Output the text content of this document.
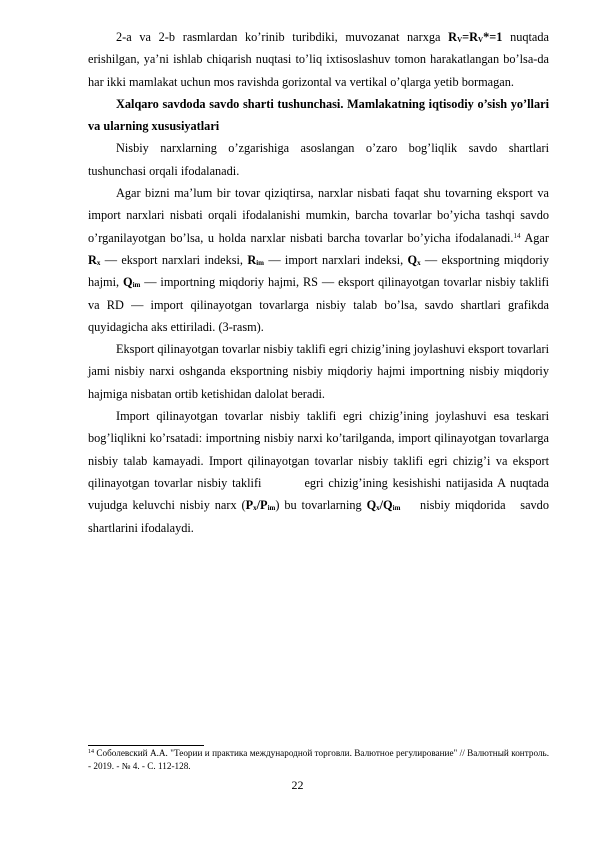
2-a va 2-b rasmlardan ko’rinib turibdiki, muvozanat narxga $R_V=R_V*=1$ nuqtada erishilgan, ya’ni ishlab chiqarish nuqtasi to’liq ixtisoslashuv tomon harakatlangan bo’lsa-da har ikki mamlakat uchun mos ravishda gorizontal va vertikal o’qlarga yetib bormagan.

Xalqaro savdoda savdo sharti tushunchasi. Mamlakatning iqtisodiy o’sish yo’llari va ularning xususiyatlari

Nisbiy narxlarning o’zgarishiga asoslangan o’zaro bog’liqlik savdo shartlari tushunchasi orqali ifodalanadi.

Agar bizni ma’lum bir tovar qiziqtirsa, narxlar nisbati faqat shu tovarning eksport va import narxlari nisbati orqali ifodalanishi mumkin, barcha tovarlar bo’yicha tashqi savdo o’rganilayotgan bo’lsa, u holda narxlar nisbati barcha tovarlar bo’yicha ifodalanadi.$^{14}$ Agar $R_x$ — eksport narxlari indeksi, $R_{im}$ — import narxlari indeksi, $Q_x$ — eksportning miqdoriy hajmi, $Q_{im}$ — importning miqdoriy hajmi, RS — eksport qilinayotgan tovarlar nisbiy taklifi va RD — import qilinayotgan tovarlarga nisbiy talab bo’lsa, savdo shartlari grafikda quyidagicha aks ettiriladi. (3-rasm).

Eksport qilinayotgan tovarlar nisbiy taklifi egri chizig’ining joylashuvi eksport tovarlari jami nisbiy narxi oshganda eksportning nisbiy miqdoriy hajmi importning nisbiy miqdoriy hajmiga nisbatan ortib ketishidan dalolat beradi.

Import qilinayotgan tovarlar nisbiy taklifi egri chizig’ining joylashuvi esa teskari          bog’liqlikni ko’rsatadi: importning nisbiy narxi ko’tarilganda, import qilinayotgan tovarlarga nisbiy talab kamayadi. Import qilinayotgan tovarlar nisbiy taklifi egri chizig’i va eksport qilinayotgan tovarlar nisbiy taklifi         egri chizig’ining kesishishi natijasida A nuqtada vujudga keluvchi nisbiy narx $(P_x/P_{im})$ bu tovarlarning $Q_x/Q_{im}$    nisbiy miqdorida   savdo shartlarini ifodalaydi.

$^{14}$ Соболевский А.А. "Теории и практика международной торговли. Валютное регулирование" // Валютный контроль. - 2019. - № 4. - С. 112-128.
22
